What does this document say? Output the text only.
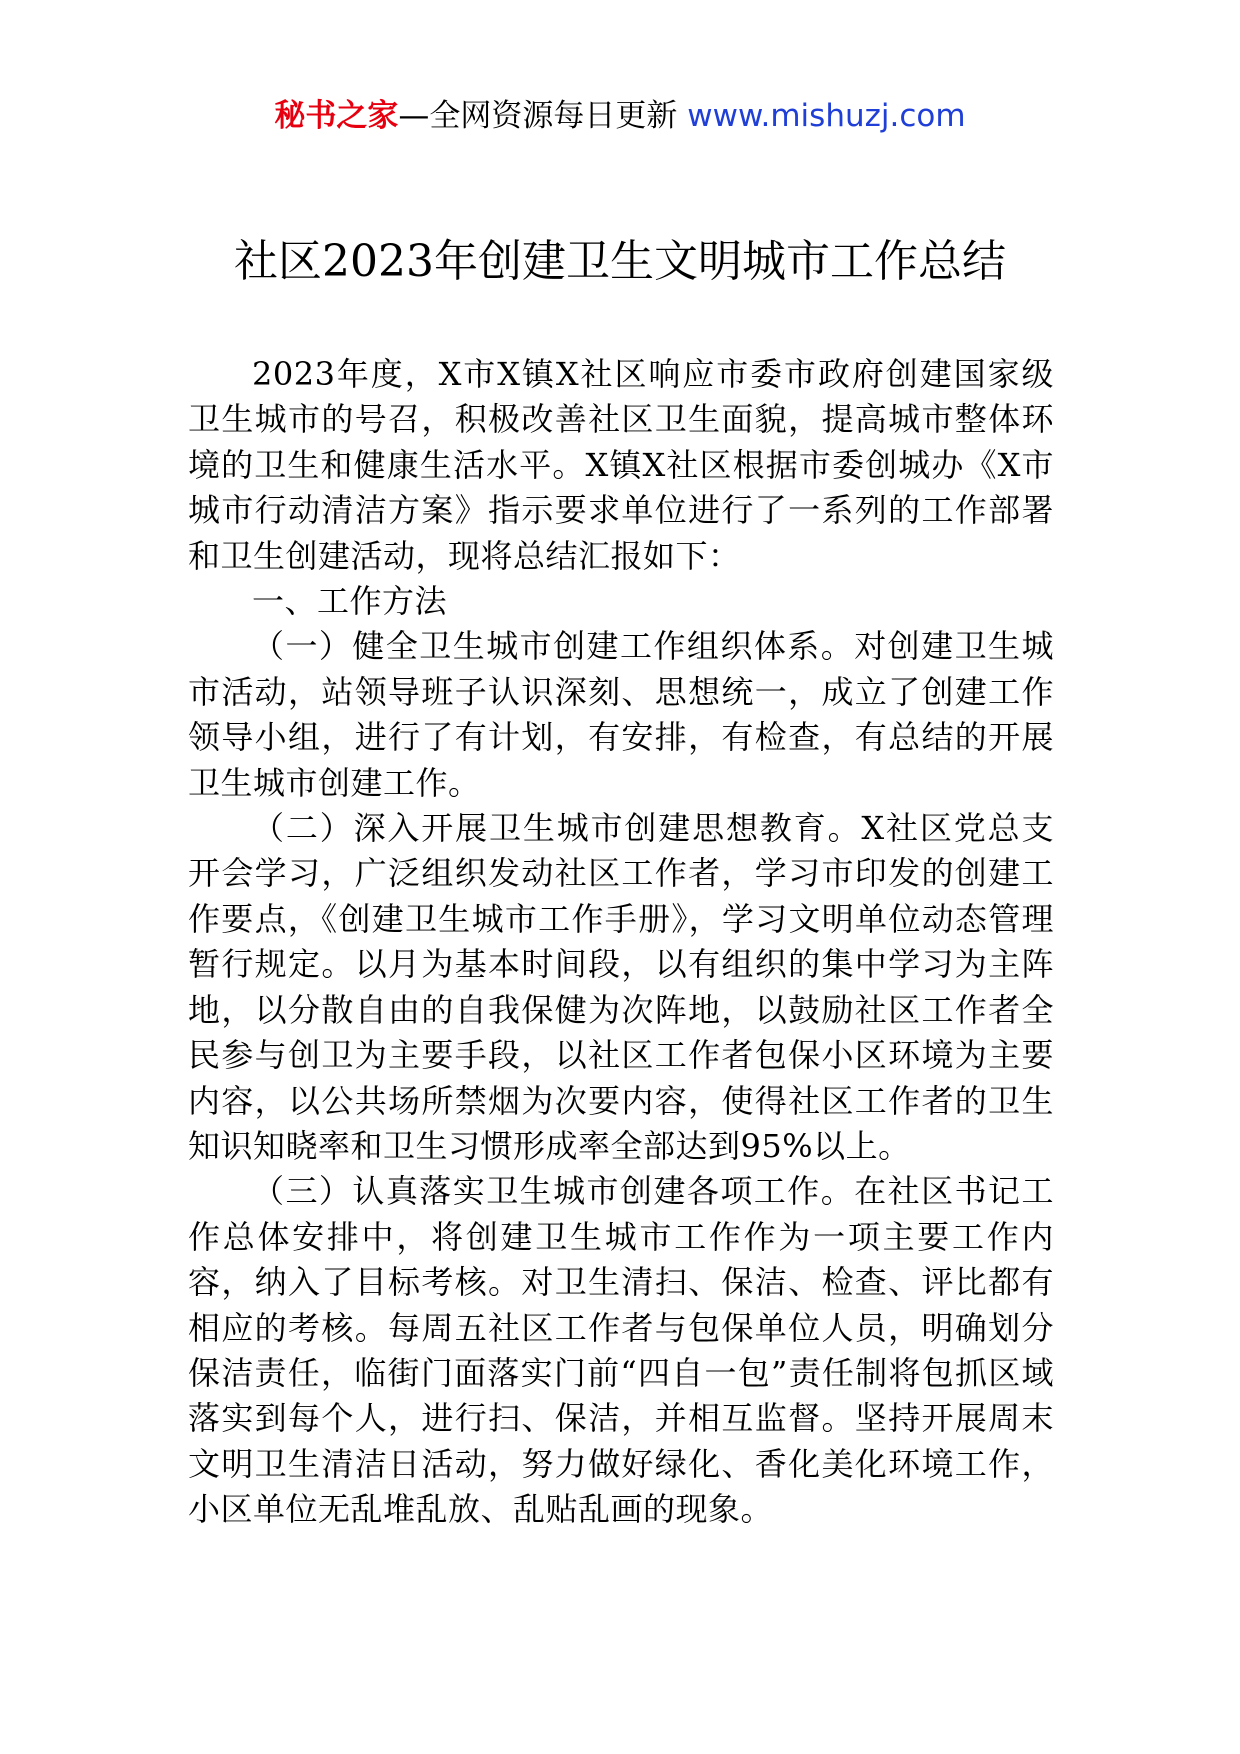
秘书之家—全网资源每日更新 www.mishuzj.com
社区2023年创建卫生文明城市工作总结

2023年度，X市X镇X社区响应市委市政府创建国家级卫生城市的号召，积极改善社区卫生面貌，提高城市整体环境的卫生和健康生活水平。X镇X社区根据市委创城办《X市城市行动清洁方案》指示要求单位进行了一系列的工作部署和卫生创建活动，现将总结汇报如下：

一、工作方法

（一）健全卫生城市创建工作组织体系。对创建卫生城市活动，站领导班子认识深刻、思想统一，成立了创建工作领导小组，进行了有计划，有安排，有检查，有总结的开展卫生城市创建工作。

（二）深入开展卫生城市创建思想教育。X社区党总支开会学习，广泛组织发动社区工作者，学习市印发的创建工作要点，《创建卫生城市工作手册》，学习文明单位动态管理暂行规定。以月为基本时间段，以有组织的集中学习为主阵地，以分散自由的自我保健为次阵地，以鼓励社区工作者全民参与创卫为主要手段，以社区工作者包保小区环境为主要内容，以公共场所禁烟为次要内容，使得社区工作者的卫生知识知晓率和卫生习惯形成率全部达到95%以上。

（三）认真落实卫生城市创建各项工作。在社区书记工作总体安排中，将创建卫生城市工作作为一项主要工作内容，纳入了目标考核。对卫生清扫、保洁、检查、评比都有相应的考核。每周五社区工作者与包保单位人员，明确划分保洁责任，临街门面落实门前“四自一包”责任制将包抓区域落实到每个人，进行扫、保洁，并相互监督。坚持开展周末文明卫生清洁日活动，努力做好绿化、香化美化环境工作，小区单位无乱堆乱放、乱贴乱画的现象。
